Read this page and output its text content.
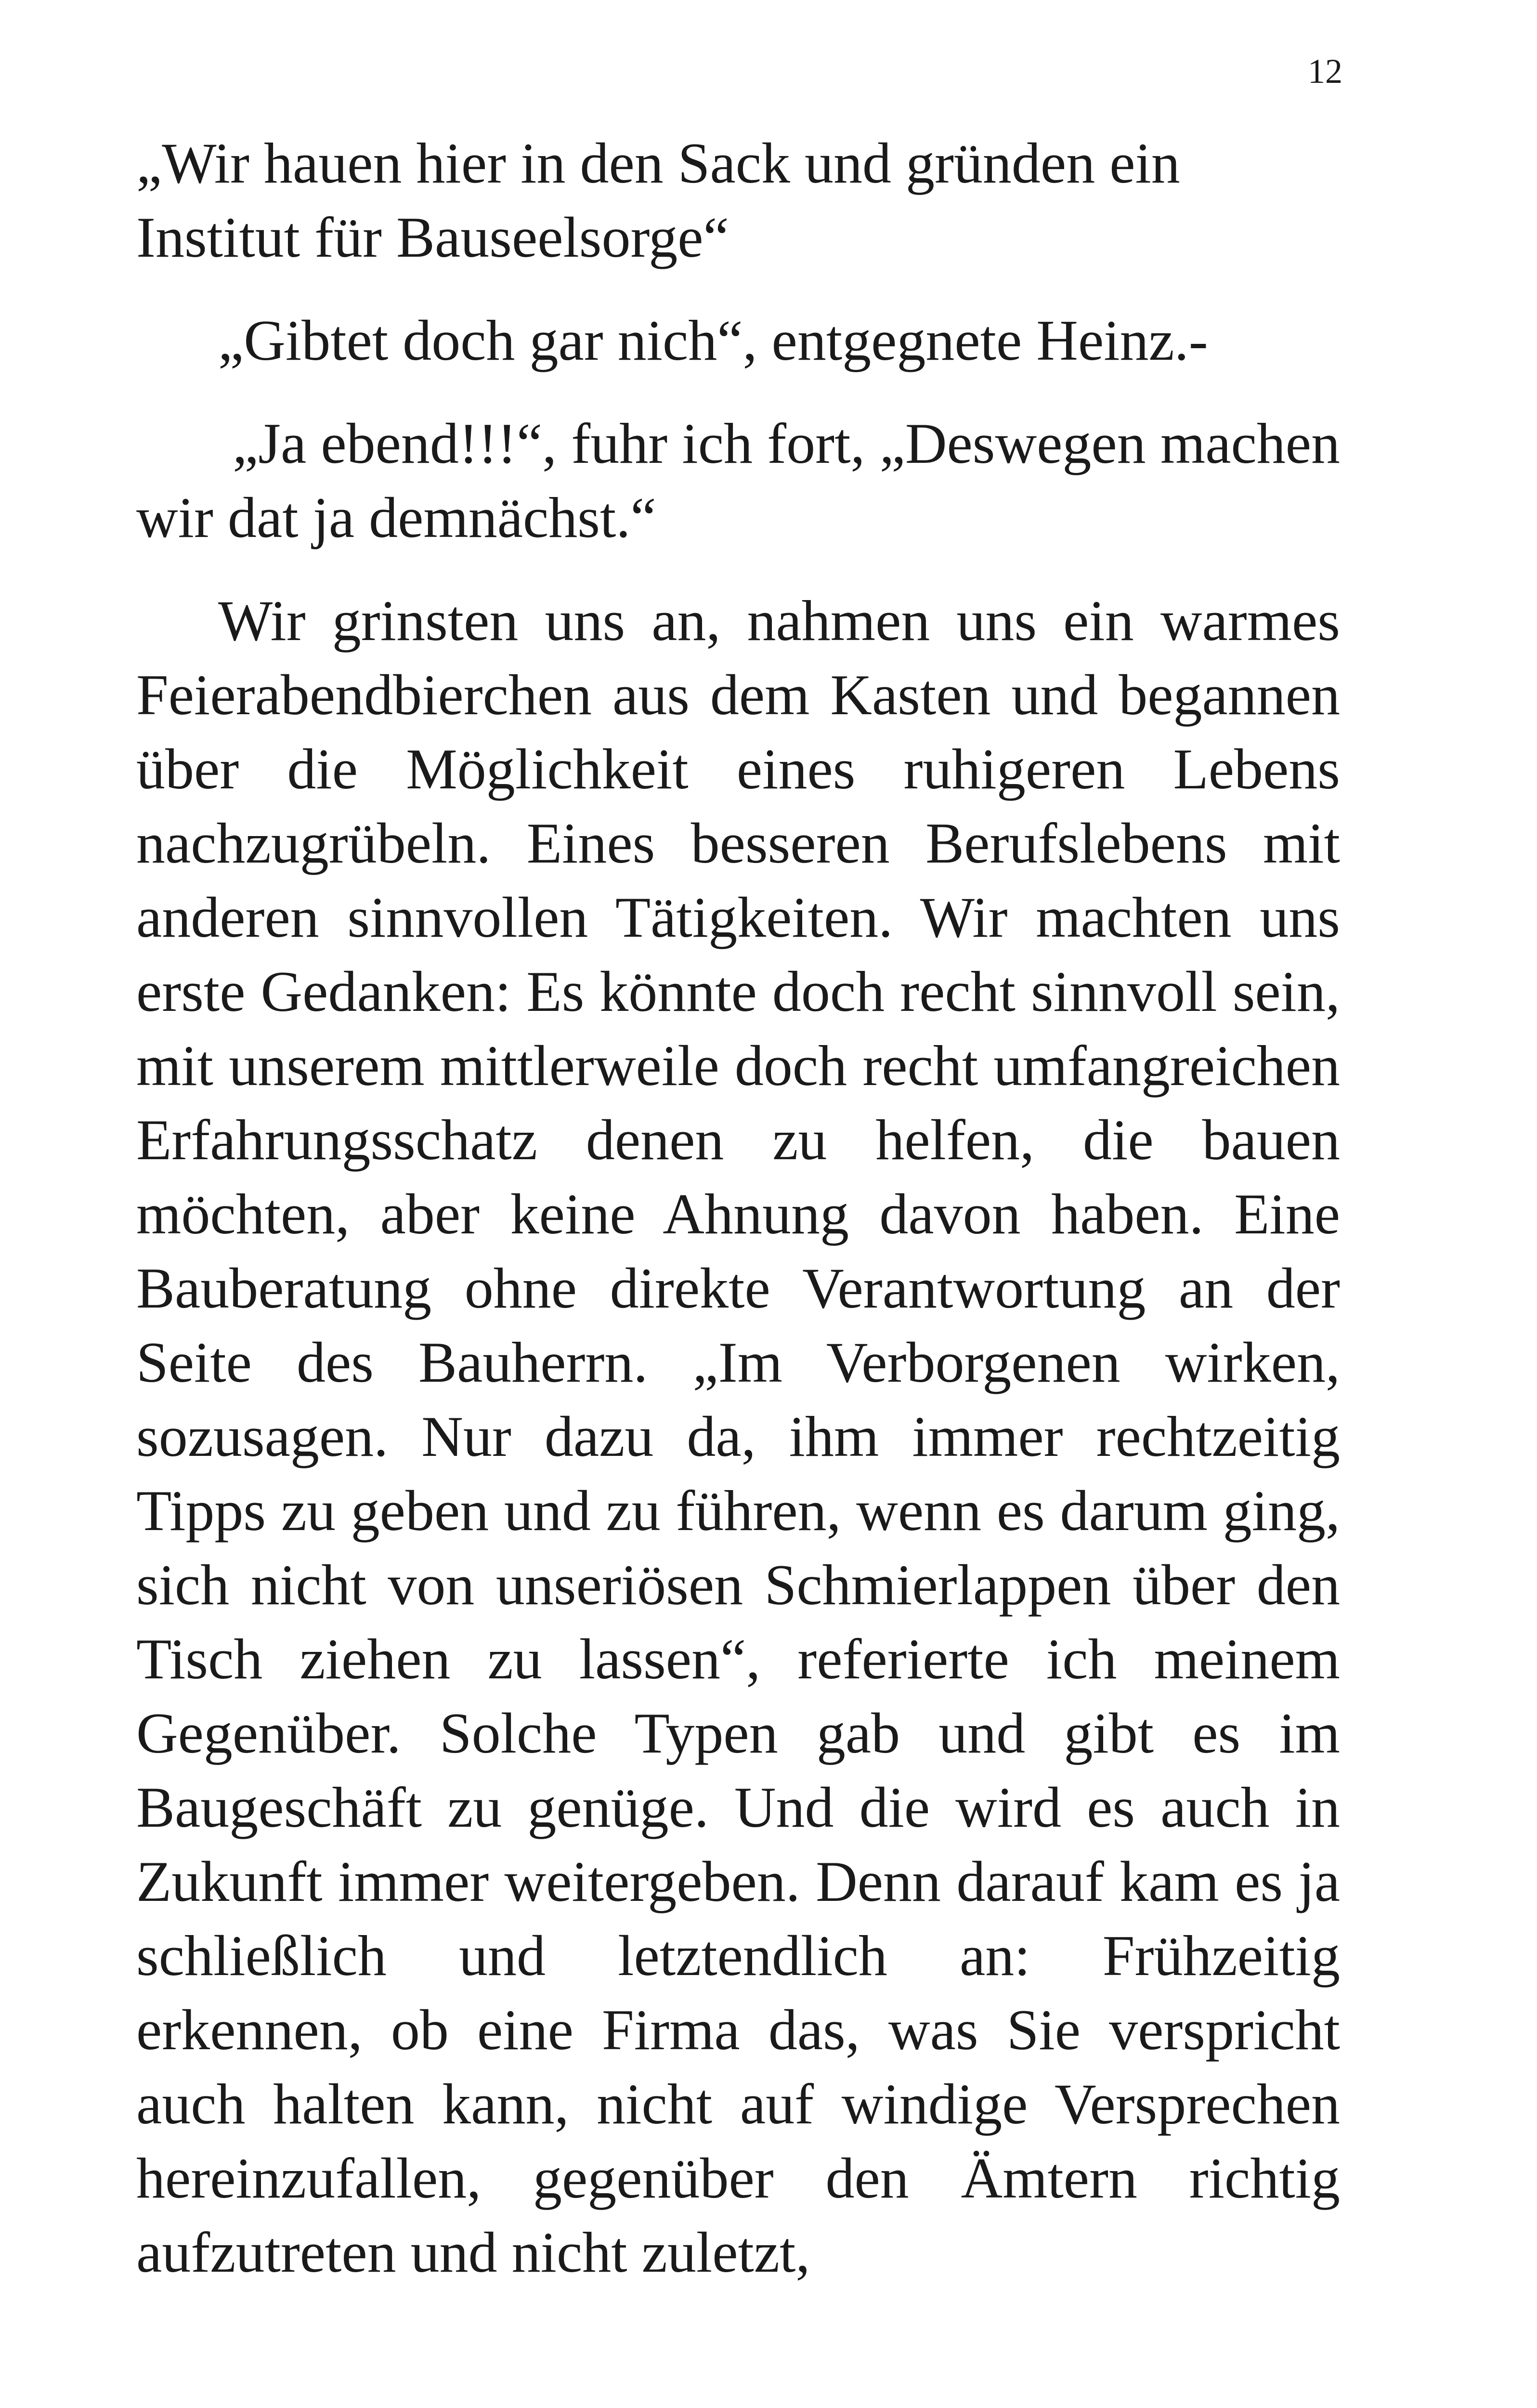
12

„Wir hauen hier in den Sack und gründen ein Institut für Bauseelsorge“

„Gibtet doch gar nich“, entgegnete Heinz.-

„Ja ebend!!!“, fuhr ich fort, „Deswegen machen wir dat ja demnächst.“

Wir grinsten uns an, nahmen uns ein warmes Feierabendbierchen aus dem Kasten und begannen über die Möglichkeit eines ruhigeren Lebens nachzugrübeln. Eines besseren Berufslebens mit anderen sinnvollen Tätigkeiten. Wir machten uns erste Gedanken: Es könnte doch recht sinnvoll sein, mit unserem mittlerweile doch recht umfangreichen Erfahrungsschatz denen zu helfen, die bauen möchten, aber keine Ahnung davon haben. Eine Bauberatung ohne direkte Verantwortung an der Seite des Bauherrn. „Im Verborgenen wirken, sozusagen. Nur dazu da, ihm immer rechtzeitig Tipps zu geben und zu führen, wenn es darum ging, sich nicht von unseriösen Schmierlappen über den Tisch ziehen zu lassen“, referierte ich meinem Gegenüber. Solche Typen gab und gibt es im Baugeschäft zu genüge. Und die wird es auch in Zukunft immer weitergeben. Denn darauf kam es ja schließlich und letztendlich an: Frühzeitig erkennen, ob eine Firma das, was Sie verspricht auch halten kann, nicht auf windige Versprechen hereinzufallen, gegenüber den Ämtern richtig aufzutreten und nicht zuletzt,
